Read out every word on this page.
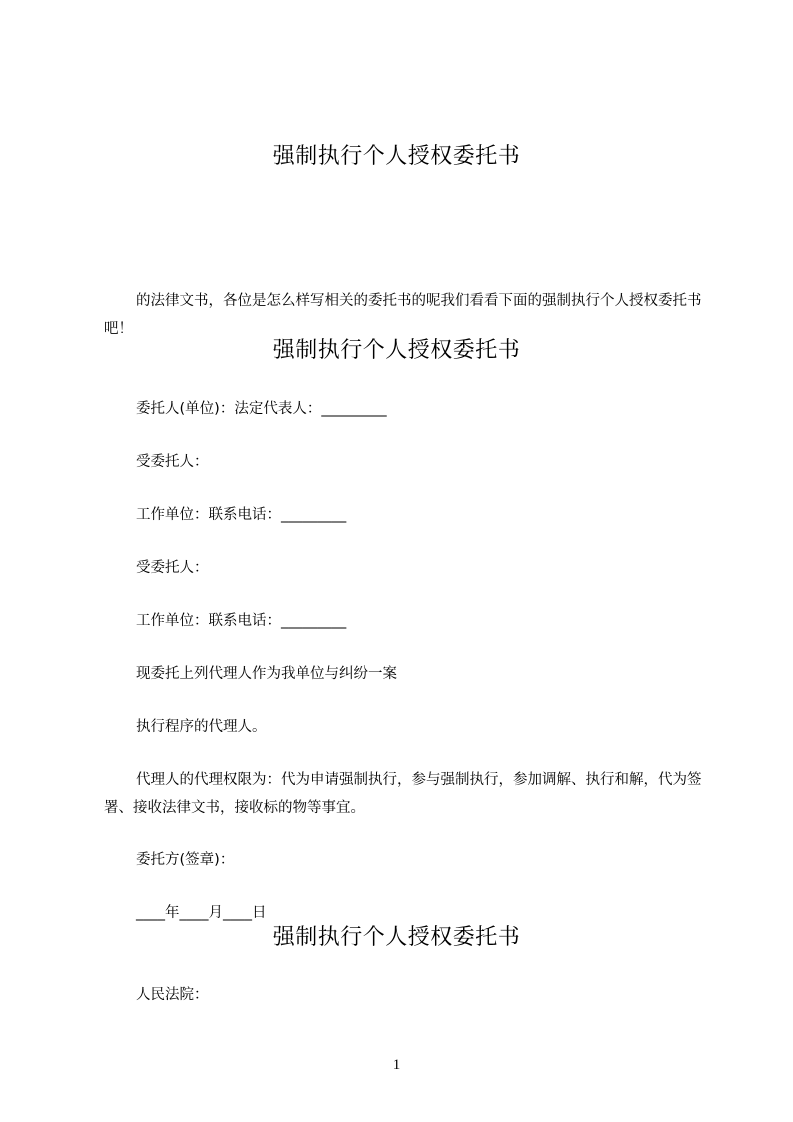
强制执行个人授权委托书
的法律文书，各位是怎么样写相关的委托书的呢我们看看下面的强制执行个人授权委托书吧！
强制执行个人授权委托书
委托人(单位)：法定代表人：_________
受委托人：
工作单位：联系电话：_________
受委托人：
工作单位：联系电话：_________
现委托上列代理人作为我单位与纠纷一案
执行程序的代理人。
代理人的代理权限为：代为申请强制执行，参与强制执行，参加调解、执行和解，代为签署、接收法律文书，接收标的物等事宜。
委托方(签章)：
____年____月____日
强制执行个人授权委托书
人民法院：
1
